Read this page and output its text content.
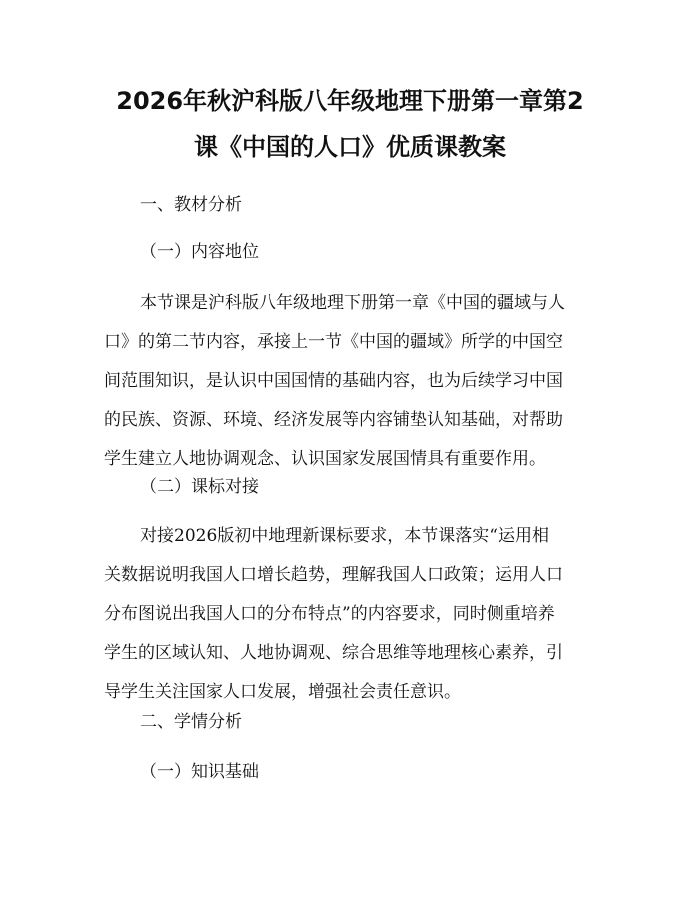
2026年秋沪科版八年级地理下册第一章第2
课《中国的人口》优质课教案

一、教材分析

（一）内容地位

本节课是沪科版八年级地理下册第一章《中国的疆域与人
口》的第二节内容，承接上一节《中国的疆域》所学的中国空
间范围知识，是认识中国国情的基础内容，也为后续学习中国
的民族、资源、环境、经济发展等内容铺垫认知基础，对帮助
学生建立人地协调观念、认识国家发展国情具有重要作用。

（二）课标对接

对接2026版初中地理新课标要求，本节课落实“运用相
关数据说明我国人口增长趋势，理解我国人口政策；运用人口
分布图说出我国人口的分布特点”的内容要求，同时侧重培养
学生的区域认知、人地协调观、综合思维等地理核心素养，引
导学生关注国家人口发展，增强社会责任意识。

二、学情分析

（一）知识基础
